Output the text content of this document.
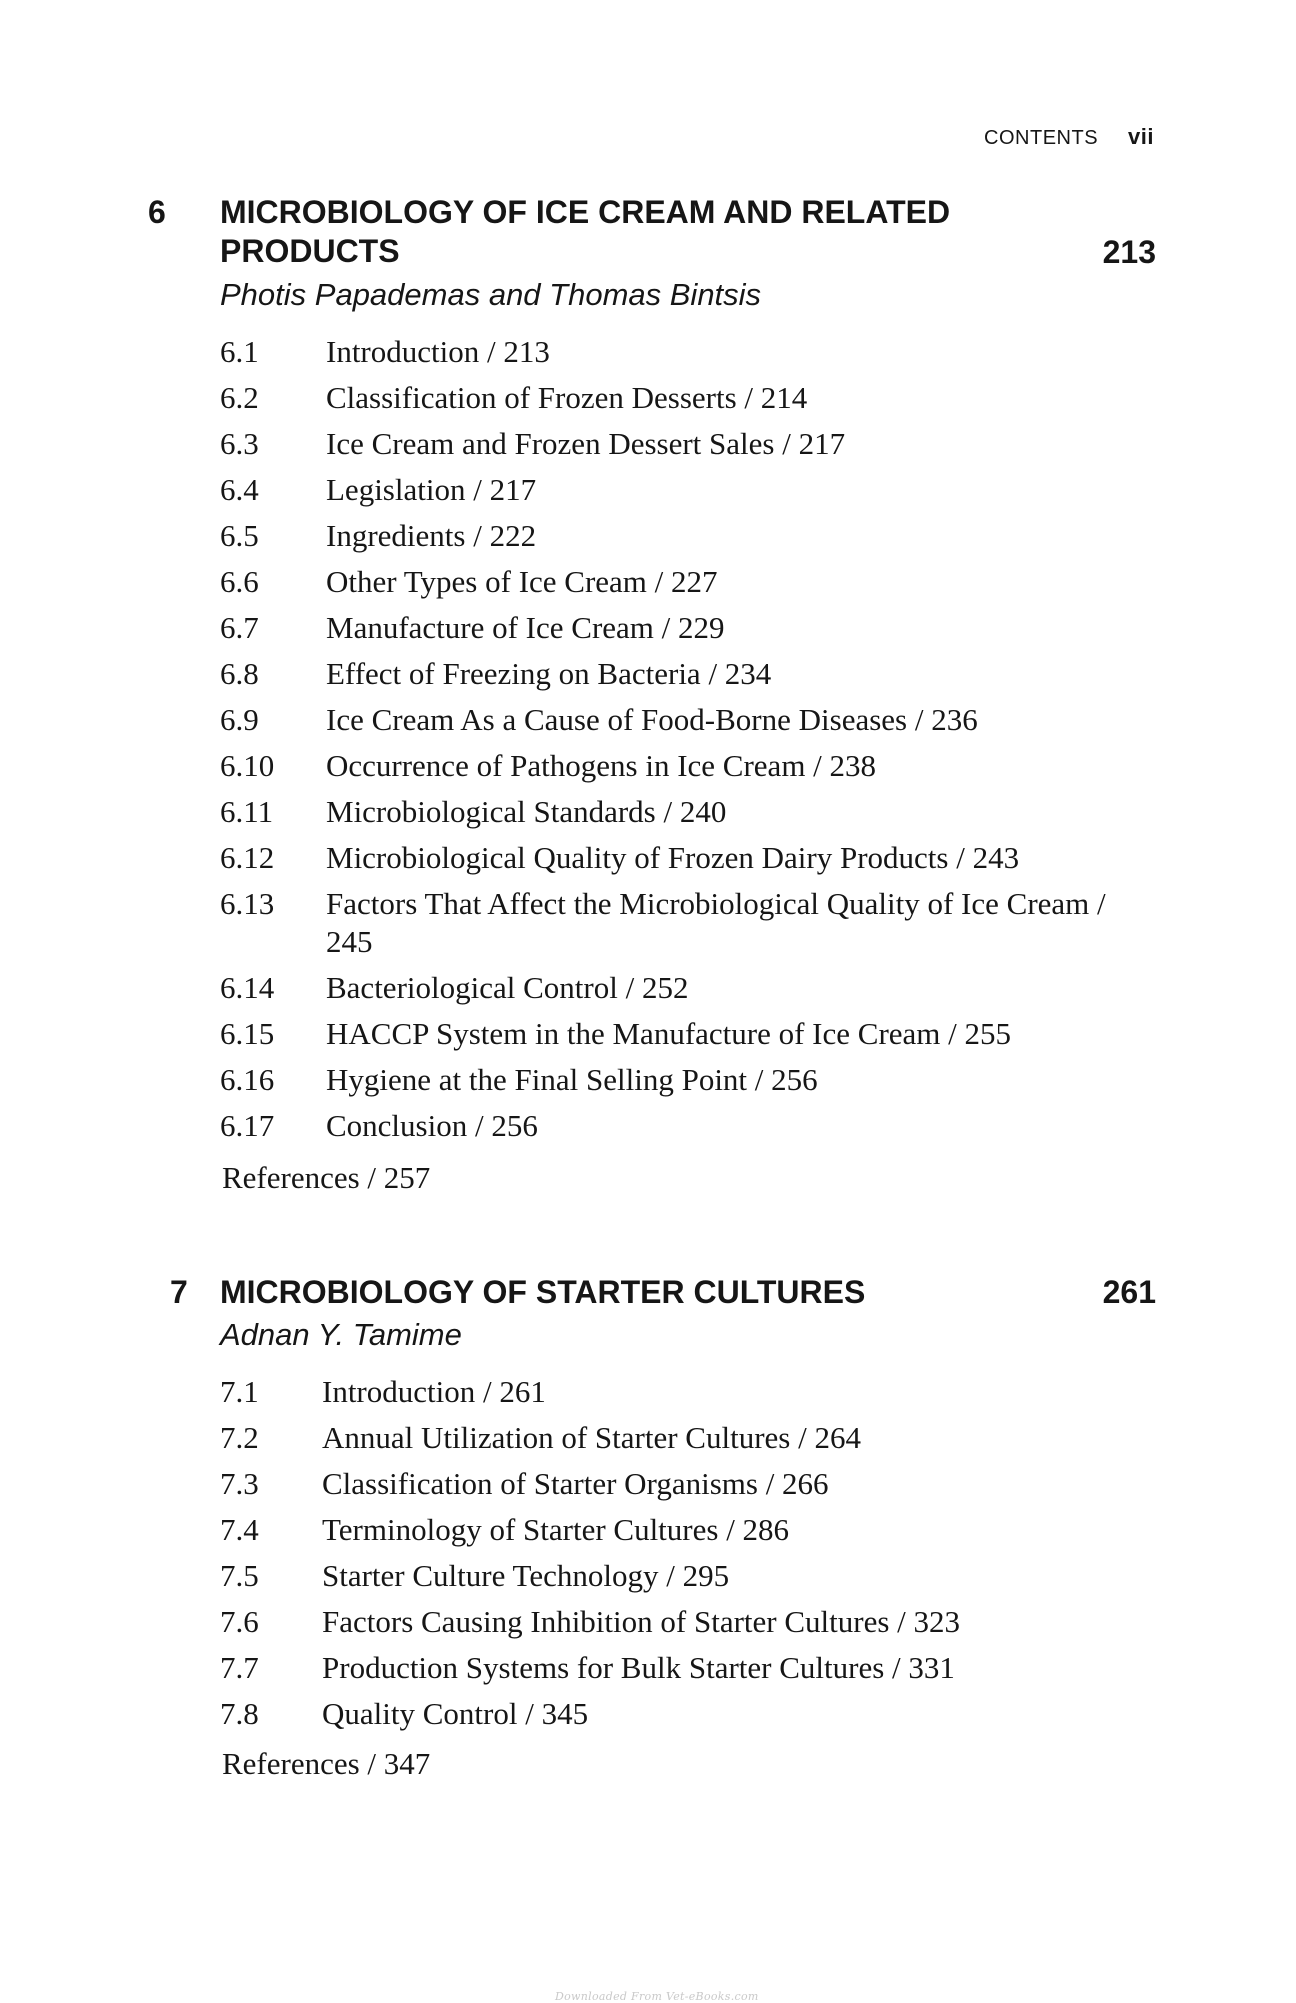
CONTENTS vii
6 MICROBIOLOGY OF ICE CREAM AND RELATED
PRODUCTS	213
Photis Papademas and Thomas Bintsis
6.1 Introduction / 213
6.2 Classification of Frozen Desserts / 214
6.3 Ice Cream and Frozen Dessert Sales / 217
6.4 Legislation / 217
6.5 Ingredients / 222
6.6 Other Types of Ice Cream / 227
6.7 Manufacture of Ice Cream / 229
6.8 Effect of Freezing on Bacteria / 234
6.9 Ice Cream As a Cause of Food-Borne Diseases / 236
6.10 Occurrence of Pathogens in Ice Cream / 238
6.11 Microbiological Standards / 240
6.12 Microbiological Quality of Frozen Dairy Products / 243
6.13 Factors That Affect the Microbiological Quality of Ice Cream / 245
6.14 Bacteriological Control / 252
6.15 HACCP System in the Manufacture of Ice Cream / 255
6.16 Hygiene at the Final Selling Point / 256
6.17 Conclusion / 256
References / 257
7 MICROBIOLOGY OF STARTER CULTURES	261
Adnan Y. Tamime
7.1 Introduction / 261
7.2 Annual Utilization of Starter Cultures / 264
7.3 Classification of Starter Organisms / 266
7.4 Terminology of Starter Cultures / 286
7.5 Starter Culture Technology / 295
7.6 Factors Causing Inhibition of Starter Cultures / 323
7.7 Production Systems for Bulk Starter Cultures / 331
7.8 Quality Control / 345
References / 347
Downloaded From Vet-eBooks.com
